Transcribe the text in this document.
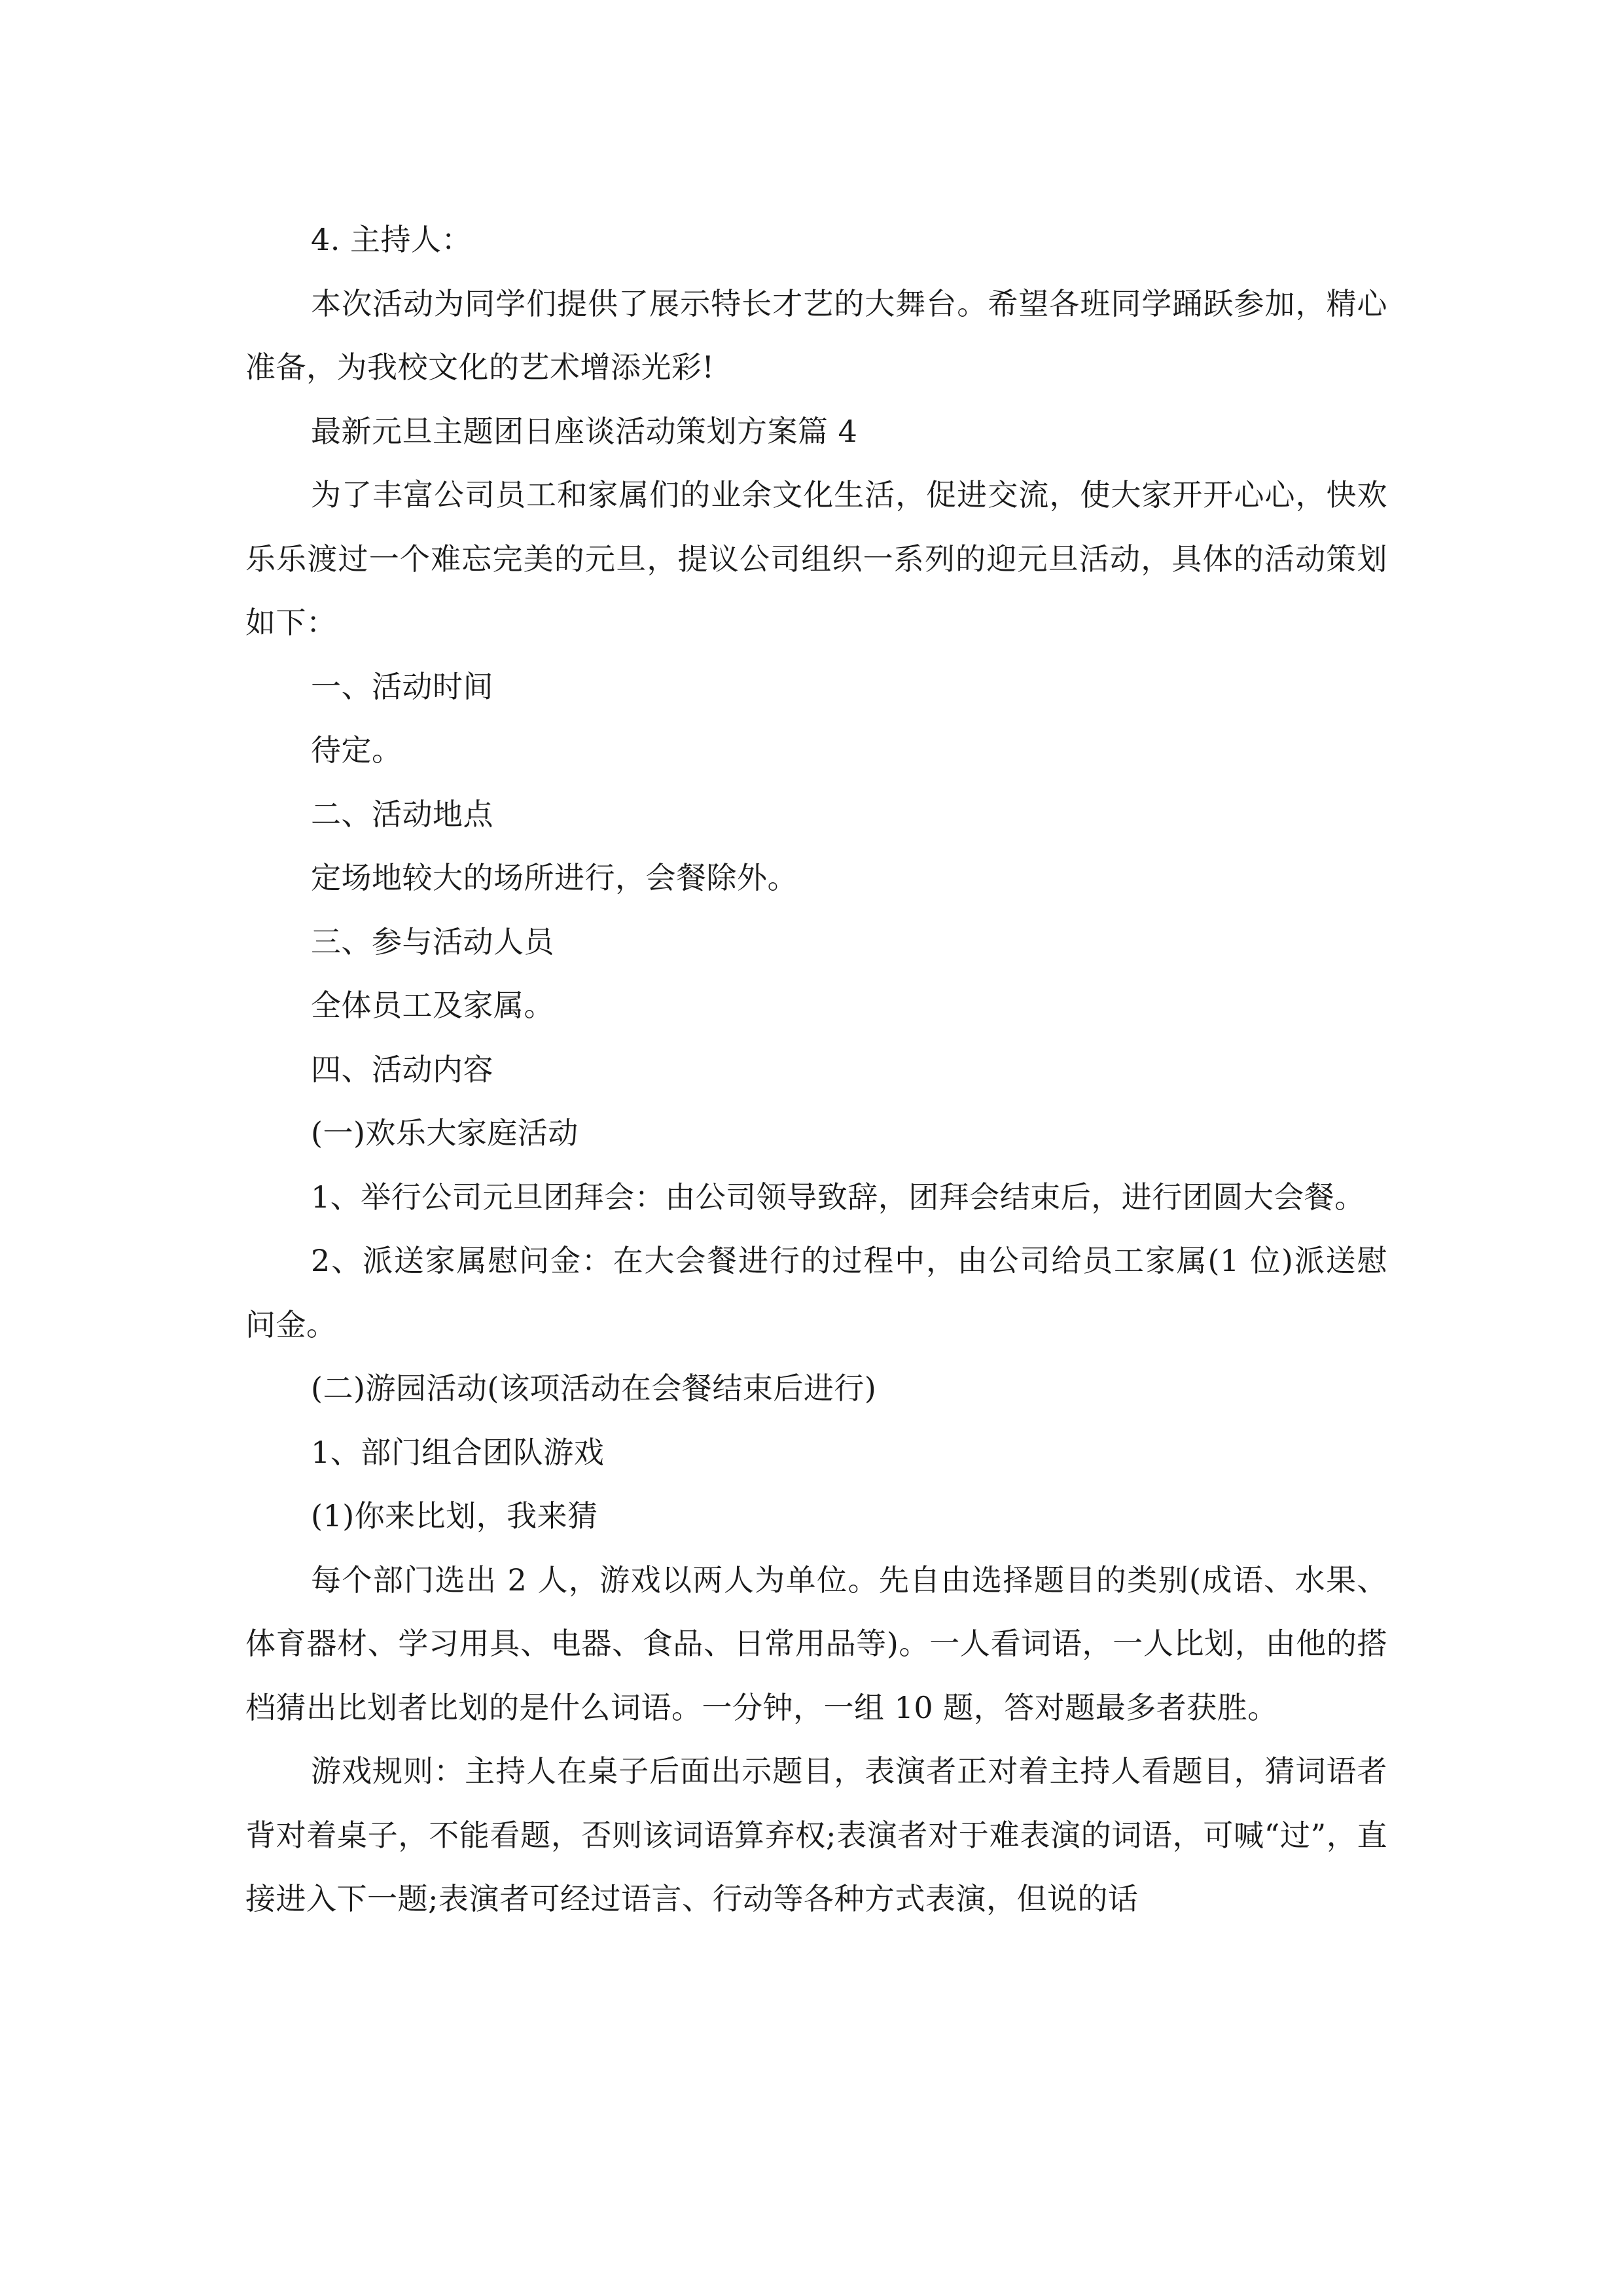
4. 主持人：

本次活动为同学们提供了展示特长才艺的大舞台。希望各班同学踊跃参加，精心准备，为我校文化的艺术增添光彩!

最新元旦主题团日座谈活动策划方案篇 4

为了丰富公司员工和家属们的业余文化生活，促进交流，使大家开开心心，快欢乐乐渡过一个难忘完美的元旦，提议公司组织一系列的迎元旦活动，具体的活动策划如下：

一、活动时间

待定。

二、活动地点

定场地较大的场所进行，会餐除外。

三、参与活动人员

全体员工及家属。

四、活动内容

(一)欢乐大家庭活动

1、举行公司元旦团拜会：由公司领导致辞，团拜会结束后，进行团圆大会餐。

2、派送家属慰问金：在大会餐进行的过程中，由公司给员工家属(1 位)派送慰问金。

(二)游园活动(该项活动在会餐结束后进行)

1、部门组合团队游戏

(1)你来比划，我来猜

每个部门选出 2 人，游戏以两人为单位。先自由选择题目的类别(成语、水果、体育器材、学习用具、电器、食品、日常用品等)。一人看词语，一人比划，由他的搭档猜出比划者比划的是什么词语。一分钟，一组 10 题，答对题最多者获胜。

游戏规则：主持人在桌子后面出示题目，表演者正对着主持人看题目，猜词语者背对着桌子，不能看题，否则该词语算弃权;表演者对于难表演的词语，可喊“过”，直接进入下一题;表演者可经过语言、行动等各种方式表演，但说的话
